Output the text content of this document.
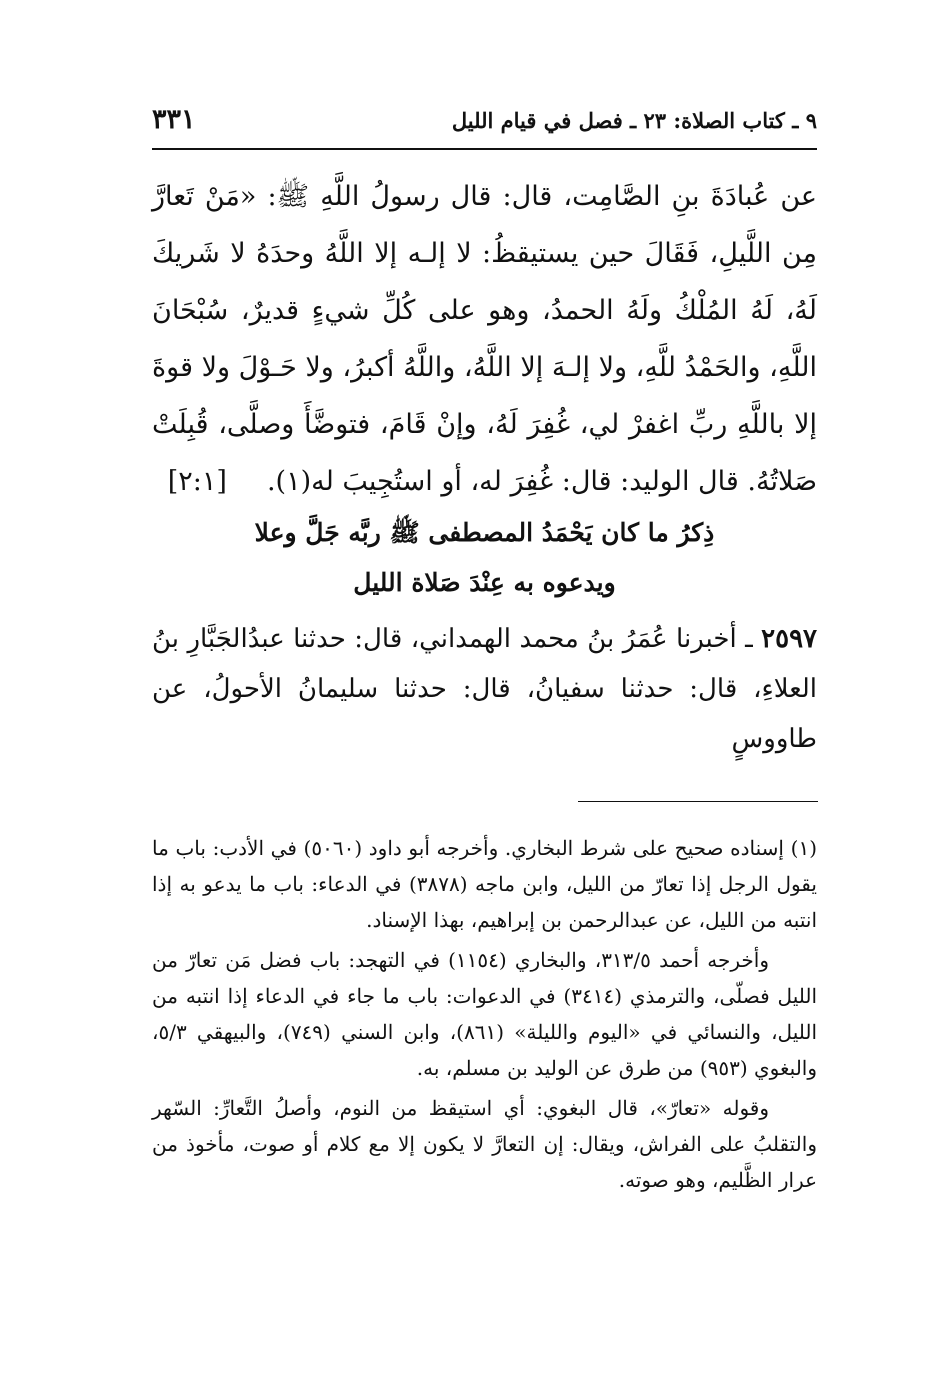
٩ ـ كتاب الصلاة: ٢٣ ـ فصل في قيام الليل
٣٣١

عن عُبادَةَ بنِ الصَّامِت، قال: قال رسولُ اللَّهِ ﷺ: «مَنْ تَعارَّ مِن اللَّيلِ، فَقَالَ حين يستيقظُ: لا إلـه إلا اللَّهُ وحدَهُ لا شَريكَ لَهُ، لَهُ المُلْكُ ولَهُ الحمدُ، وهو على كُلِّ شيءٍ قديرٌ، سُبْحَانَ اللَّهِ، والحَمْدُ للَّهِ، ولا إلـهَ إلا اللَّهُ، واللَّهُ أكبرُ، ولا حَـوْلَ ولا قوةَ إلا باللَّهِ ربِّ اغفرْ لي، غُفِرَ لَهُ، وإنْ قَامَ، فتوضَّأَ وصلَّى، قُبِلَتْ صَلاتُهُ. قال الوليد: قال: غُفِرَ له، أو استُجِيبَ له(١).[٢:١]

ذِكرُ ما كان يَحْمَدُ المصطفى ﷺ ربَّه جَلَّ وعلا
ويدعوه به عِنْدَ صَلاة الليل

٢٥٩٧ ـ أخبرنا عُمَرُ بنُ محمد الهمداني، قال: حدثنا عبدُالجَبَّارِ بنُ العلاءِ، قال: حدثنا سفيانُ، قال: حدثنا سليمانُ الأحولُ، عن طاووسٍ

(١) إسناده صحيح على شرط البخاري. وأخرجه أبو داود (٥٠٦٠) في الأدب: باب ما يقول الرجل إذا تعارّ من الليل، وابن ماجه (٣٨٧٨) في الدعاء: باب ما يدعو به إذا انتبه من الليل، عن عبدالرحمن بن إبراهيم، بهذا الإسناد.

وأخرجه أحمد ٣١٣/٥، والبخاري (١١٥٤) في التهجد: باب فضل مَن تعارّ من الليل فصلّى، والترمذي (٣٤١٤) في الدعوات: باب ما جاء في الدعاء إذا انتبه من الليل، والنسائي في «اليوم والليلة» (٨٦١)، وابن السني (٧٤٩)، والبيهقي ٥/٣، والبغوي (٩٥٣) من طرق عن الوليد بن مسلم، به.

وقوله «تعارّ»، قال البغوي: أي استيقظ من النوم، وأصلُ التَّعارِّ: السّهر والتقلبُ على الفراش، ويقال: إن التعارَّ لا يكون إلا مع كلام أو صوت، مأخوذ من عرار الظَّليم، وهو صوته.
